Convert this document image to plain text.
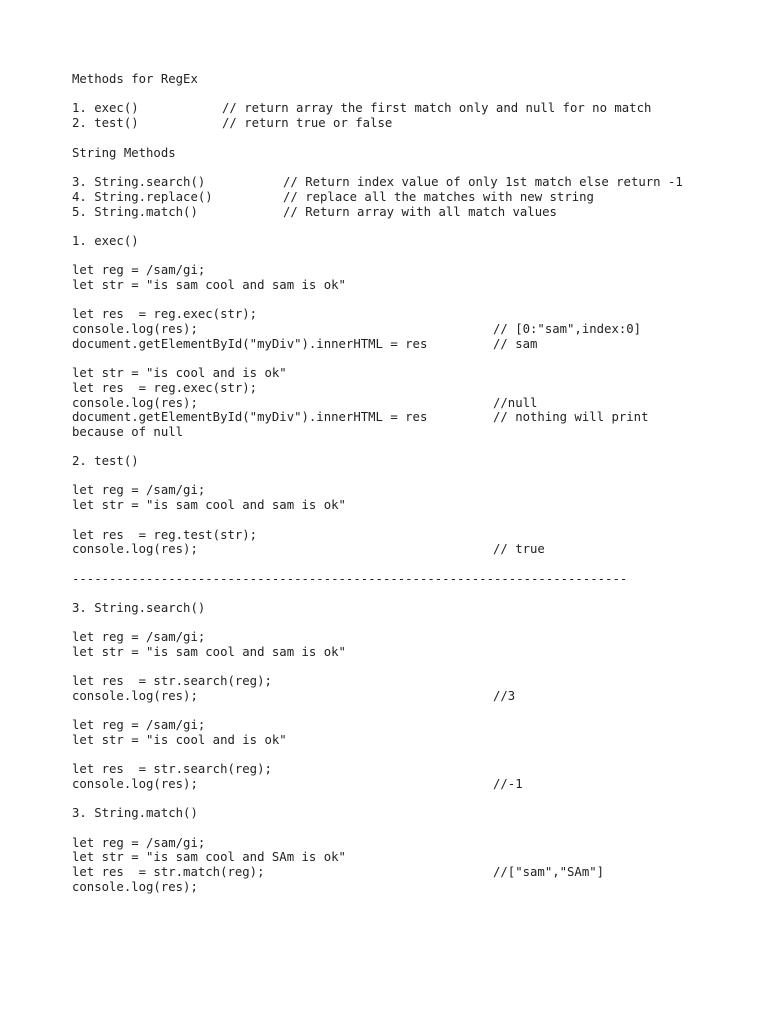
Methods for RegEx
1. exec()	// return array the first match only and null for no match
2. test()	// return true or false
String Methods
3. String.search()	// Return index value of only 1st match else return -1
4. String.replace()	// replace all the matches with new string
5. String.match()	// Return array with all match values
1. exec()
let reg = /sam/gi;
let str = "is sam cool and sam is ok"
let res  = reg.exec(str);
console.log(res);	// [0:"sam",index:0]
document.getElementById("myDiv").innerHTML = res	// sam
let str = "is cool and is ok"
let res  = reg.exec(str);
console.log(res);	//null
document.getElementById("myDiv").innerHTML = res	// nothing will print
because of null
2. test()
let reg = /sam/gi;
let str = "is sam cool and sam is ok"
let res  = reg.test(str);
console.log(res);	// true
---------------------------------------------------------------------------
3. String.search()
let reg = /sam/gi;
let str = "is sam cool and sam is ok"
let res  = str.search(reg);
console.log(res);	//3
let reg = /sam/gi;
let str = "is cool and is ok"
let res  = str.search(reg);
console.log(res);	//-1
3. String.match()
let reg = /sam/gi;
let str = "is sam cool and SAm is ok"
let res  = str.match(reg);	//["sam","SAm"]
console.log(res);
